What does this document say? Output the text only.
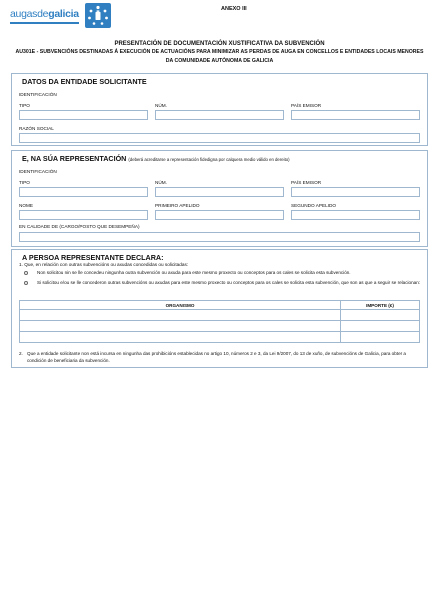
augasdegalicia	ANEXO III
PRESENTACIÓN DE DOCUMENTACIÓN XUSTIFICATIVA DA SUBVENCIÓN
AU301E - SUBVENCIÓNS DESTINADAS Á EXECUCIÓN DE ACTUACIÓNS PARA MINIMIZAR AS PERDAS DE AUGA EN CONCELLOS E ENTIDADES LOCAIS MENORES DA COMUNIDADE AUTÓNOMA DE GALICIA
DATOS DA ENTIDADE SOLICITANTE
IDENTIFICACIÓN
TIPO	NÚM.	PAÍS EMISOR
RAZÓN SOCIAL
E, NA SÚA REPRESENTACIÓN (deberá acreditarse a representación fidedigna por calquera medio válido en dereito)
IDENTIFICACIÓN
TIPO	NÚM.	PAÍS EMISOR
NOME	PRIMEIRO APELIDO	SEGUNDO APELIDO
EN CALIDADE DE (CARGO/POSTO QUE DESEMPEÑA)
A PERSOA REPRESENTANTE DECLARA:
1. Que, en relación con outras subvencións ou axudas concedidas ou solicitadas:
Non solicitou nin se lle concedeu ningunha outra subvención ou axuda para este mesmo proxecto ou conceptos para os cales se solicita esta subvención.
Si solicitou e/ou se lle concederon outras subvencións ou axudas para este mesmo proxecto ou conceptos para os cales se solicita esta subvención, que son as que a seguir se relacionan:
ORGANISMO	IMPORTE (€)

2. Que a entidade solicitante non está incursa en ningunha das prohibicións establecidas no artigo 10, números 2 e 3, da Lei 9/2007, do 13 de xuño, de subvencións de Galicia, para obter a condición de beneficiaria da subvención.
